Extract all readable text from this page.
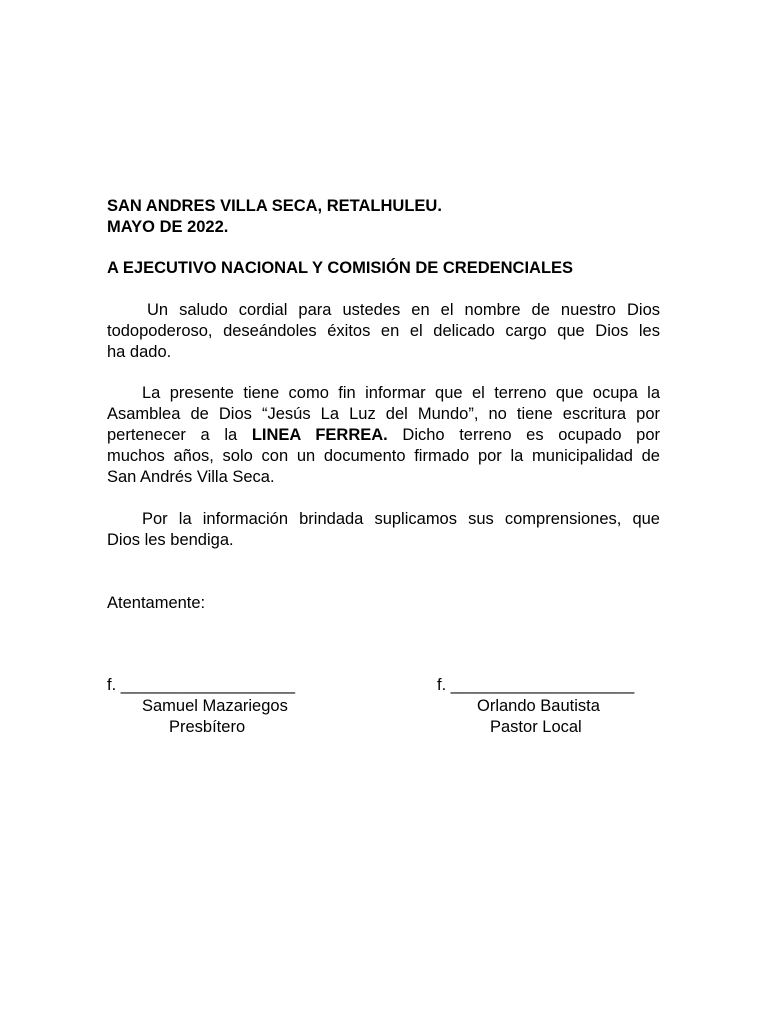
SAN ANDRES VILLA SECA, RETALHULEU.
MAYO DE 2022.
A EJECUTIVO NACIONAL Y COMISIÓN DE CREDENCIALES
Un saludo cordial para ustedes en el nombre de nuestro Dios
todopoderoso, deseándoles éxitos en el delicado cargo que Dios les
ha dado.
La presente tiene como fin informar que el terreno que ocupa la
Asamblea de Dios “Jesús La Luz del Mundo”, no tiene escritura por
pertenecer a la LINEA FERREA. Dicho terreno es ocupado por
muchos años, solo con un documento firmado por la municipalidad de
San Andrés Villa Seca.
Por la información brindada suplicamos sus comprensiones, que
Dios les bendiga.
Atentamente:
f. ___________________
Samuel Mazariegos
Presbítero
f. ____________________
Orlando Bautista
Pastor Local
